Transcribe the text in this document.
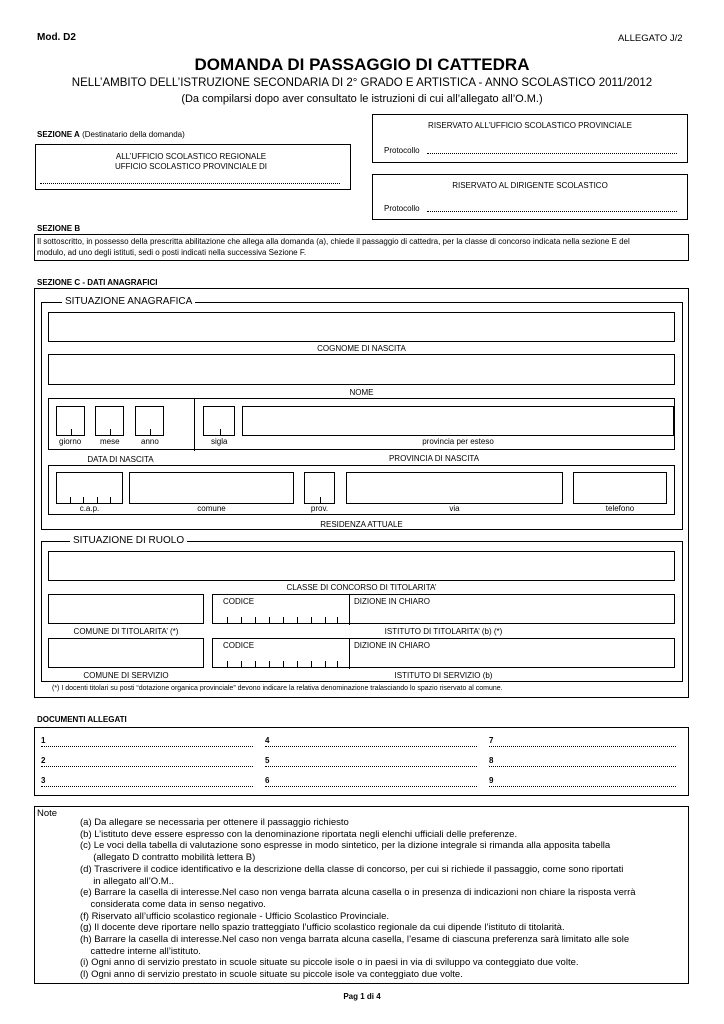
Mod. D2	ALLEGATO J/2
DOMANDA DI PASSAGGIO DI CATTEDRA
NELL’AMBITO DELL’ISTRUZIONE SECONDARIA DI 2° GRADO E ARTISTICA - ANNO SCOLASTICO 2011/2012
(Da compilarsi dopo aver consultato le istruzioni di cui all’allegato all’O.M.)
RISERVATO ALL’UFFICIO SCOLASTICO PROVINCIALE
Protocollo
RISERVATO AL DIRIGENTE SCOLASTICO
Protocollo
SEZIONE A (Destinatario della domanda)
ALL’UFFICIO SCOLASTICO REGIONALE
UFFICIO SCOLASTICO PROVINCIALE DI
SEZIONE B
Il sottoscritto, in possesso della prescritta abilitazione che allega alla domanda (a), chiede il passaggio di cattedra, per la classe di concorso indicata nella sezione E del
modulo, ad uno degli istituti, sedi o posti indicati nella successiva Sezione F.
SEZIONE C - DATI ANAGRAFICI
SITUAZIONE ANAGRAFICA
COGNOME DI NASCITA
NOME
giorno mese	anno	sigla	provincia per esteso
DATA DI NASCITA	PROVINCIA DI NASCITA
c.a.p.	comune	prov.	via	telefono
RESIDENZA ATTUALE
SITUAZIONE DI RUOLO
CLASSE DI CONCORSO DI TITOLARITA’
CODICE	DIZIONE IN CHIARO
COMUNE DI TITOLARITA’ (*)	ISTITUTO DI TITOLARITA’ (b) (*)
CODICE	DIZIONE IN CHIARO
COMUNE DI SERVIZIO	ISTITUTO DI SERVIZIO (b)
(*) I docenti titolari su posti “dotazione organica provinciale” devono indicare la relativa denominazione tralasciando lo spazio riservato al comune.
DOCUMENTI ALLEGATI
1	4	7
2	5	8
3	6	9
Note
(a) Da allegare se necessaria per ottenere il passaggio richiesto
(b) L’istituto deve essere espresso con la denominazione riportata negli elenchi ufficiali delle preferenze.
(c) Le voci della tabella di valutazione sono espresse in modo sintetico, per la dizione integrale si rimanda alla apposita tabella
(allegato D contratto mobilità lettera B)
(d) Trascrivere il codice identificativo e la descrizione della classe di concorso, per cui si richiede il passaggio, come sono riportati
in allegato all’O.M..
(e) Barrare la casella di interesse.Nel caso non venga barrata alcuna casella o in presenza di indicazioni non chiare la risposta verrà
considerata come data in senso negativo.
(f) Riservato all’ufficio scolastico regionale - Ufficio Scolastico Provinciale.
(g) Il docente deve riportare nello spazio tratteggiato l’ufficio scolastico regionale da cui dipende l’istituto di titolarità.
(h) Barrare la casella di interesse.Nel caso non venga barrata alcuna casella, l’esame di ciascuna preferenza sarà limitato alle sole
cattedre interne all’istituto.
(i) Ogni anno di servizio prestato in scuole situate su piccole isole o in paesi in via di sviluppo va conteggiato due volte.
(l) Ogni anno di servizio prestato in scuole situate su piccole isole va conteggiato due volte.
Pag 1 di 4
